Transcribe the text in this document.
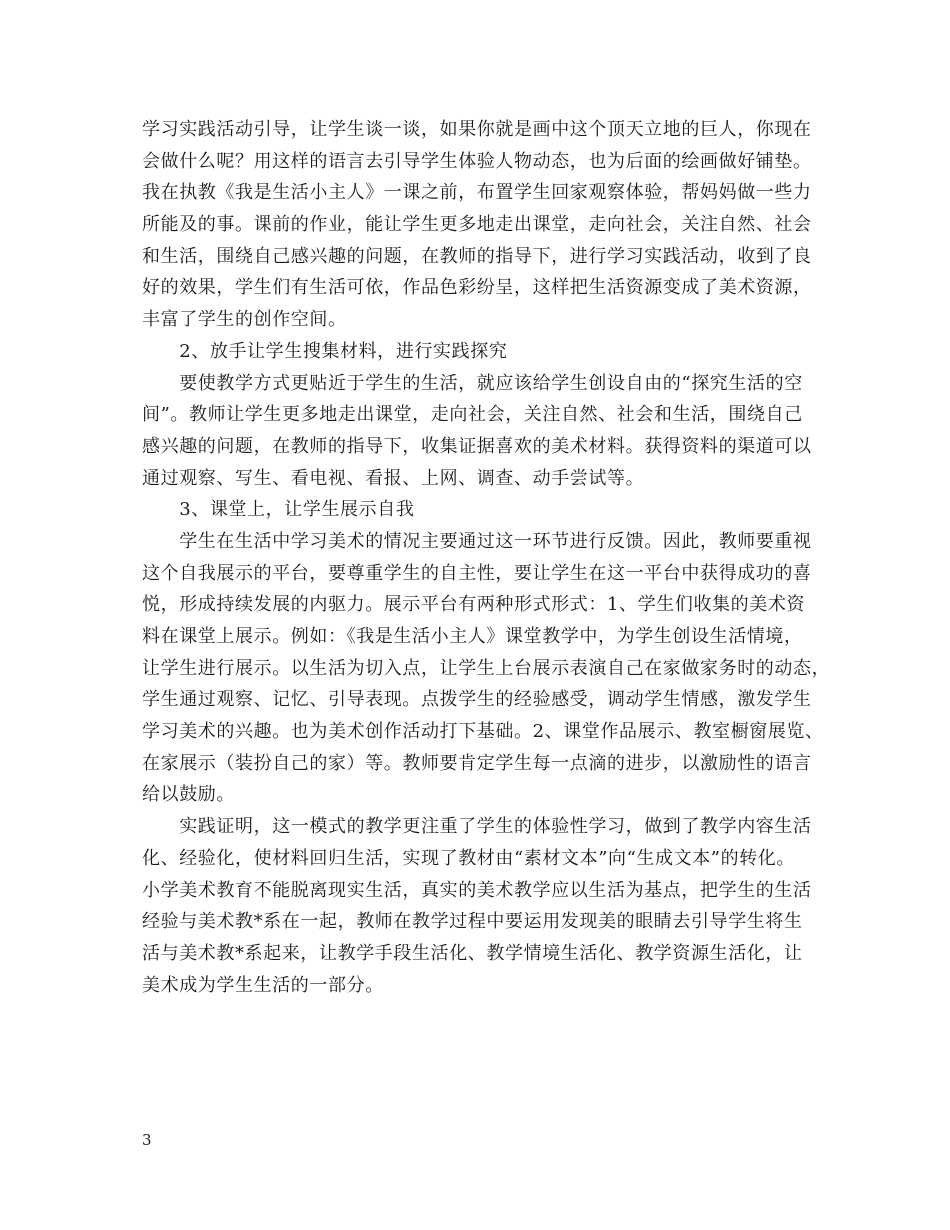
学习实践活动引导，让学生谈一谈，如果你就是画中这个顶天立地的巨人，你现在
会做什么呢？用这样的语言去引导学生体验人物动态，也为后面的绘画做好铺垫。
我在执教《我是生活小主人》一课之前，布置学生回家观察体验，帮妈妈做一些力
所能及的事。课前的作业，能让学生更多地走出课堂，走向社会，关注自然、社会
和生活，围绕自己感兴趣的问题，在教师的指导下，进行学习实践活动，收到了良
好的效果，学生们有生活可依，作品色彩纷呈，这样把生活资源变成了美术资源，
丰富了学生的创作空间。
　　2、放手让学生搜集材料，进行实践探究
　　要使教学方式更贴近于学生的生活，就应该给学生创设自由的“探究生活的空
间”。教师让学生更多地走出课堂，走向社会，关注自然、社会和生活，围绕自己
感兴趣的问题，在教师的指导下，收集证据喜欢的美术材料。获得资料的渠道可以
通过观察、写生、看电视、看报、上网、调查、动手尝试等。
　　3、课堂上，让学生展示自我
　　学生在生活中学习美术的情况主要通过这一环节进行反馈。因此，教师要重视
这个自我展示的平台，要尊重学生的自主性，要让学生在这一平台中获得成功的喜
悦，形成持续发展的内驱力。展示平台有两种形式形式：1、学生们收集的美术资
料在课堂上展示。例如：《我是生活小主人》课堂教学中，为学生创设生活情境，
让学生进行展示。以生活为切入点，让学生上台展示表演自己在家做家务时的动态，
学生通过观察、记忆、引导表现。点拨学生的经验感受，调动学生情感，激发学生
学习美术的兴趣。也为美术创作活动打下基础。2、课堂作品展示、教室橱窗展览、
在家展示（装扮自己的家）等。教师要肯定学生每一点滴的进步，以激励性的语言
给以鼓励。
　　实践证明，这一模式的教学更注重了学生的体验性学习，做到了教学内容生活
化、经验化，使材料回归生活，实现了教材由“素材文本”向“生成文本”的转化。
小学美术教育不能脱离现实生活，真实的美术教学应以生活为基点，把学生的生活
经验与美术教*系在一起，教师在教学过程中要运用发现美的眼睛去引导学生将生
活与美术教*系起来，让教学手段生活化、教学情境生活化、教学资源生活化，让
美术成为学生生活的一部分。
3
